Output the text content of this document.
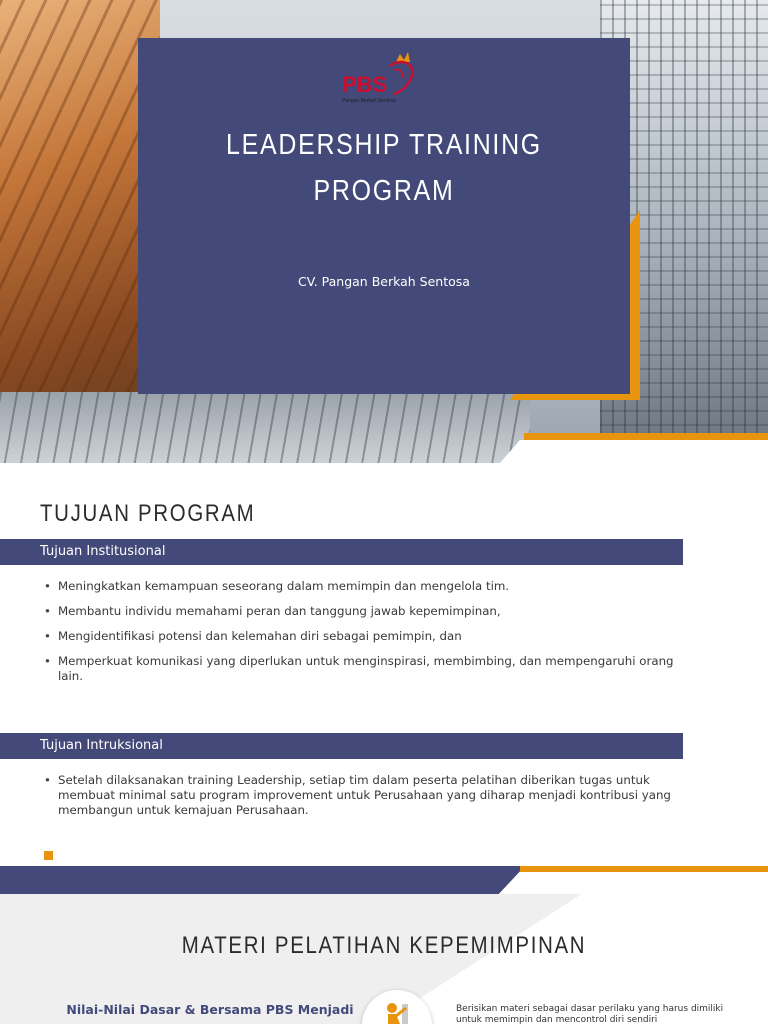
PBS
Pangan Berkah Sentosa
LEADERSHIP TRAINING
PROGRAM
CV. Pangan Berkah Sentosa
TUJUAN PROGRAM
Tujuan Institusional
• Meningkatkan kemampuan seseorang dalam memimpin dan mengelola tim.
• Membantu individu memahami peran dan tanggung jawab kepemimpinan,
• Mengidentifikasi potensi dan kelemahan diri sebagai pemimpin, dan
• Memperkuat komunikasi yang diperlukan untuk menginspirasi, membimbing, dan mempengaruhi orang lain.
Tujuan Intruksional
• Setelah dilaksanakan training Leadership, setiap tim dalam peserta pelatihan diberikan tugas untuk membuat minimal satu program improvement untuk Perusahaan yang diharap menjadi kontribusi yang membangun untuk kemajuan Perusahaan.
MATERI PELATIHAN KEPEMIMPINAN
Nilai-Nilai Dasar & Bersama PBS Menjadi	Berisikan materi sebagai dasar perilaku yang harus dimiliki untuk memimpin dan mencontrol diri sendiri
